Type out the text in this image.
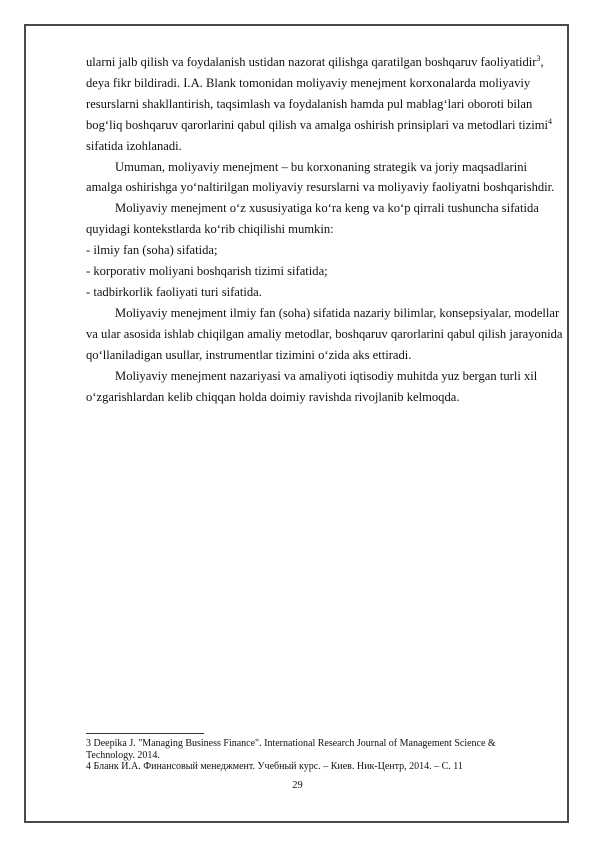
ularni jalb qilish va foydalanish ustidan nazorat qilishga qaratilgan boshqaruv faoliyatidir$^3$, deya fikr bildiradi. I.A. Blank tomonidan moliyaviy menejment korxonalarda moliyaviy resurslarni shakllantirish, taqsimlash va foydalanish hamda pul mablag‘lari oboroti bilan bog‘liq boshqaruv qarorlarini qabul qilish va amalga oshirish prinsiplari va metodlari tizimi$^4$ sifatida izohlanadi.

Umuman, moliyaviy menejment – bu korxonaning strategik va joriy maqsadlarini amalga oshirishga yo‘naltirilgan moliyaviy resurslarni va moliyaviy faoliyatni boshqarishdir.

Moliyaviy menejment o‘z xususiyatiga ko‘ra keng va ko‘p qirrali tushuncha sifatida quyidagi kontekstlarda ko‘rib chiqilishi mumkin:

- ilmiy fan (soha) sifatida;

- korporativ moliyani boshqarish tizimi sifatida;

- tadbirkorlik faoliyati turi sifatida.

Moliyaviy menejment ilmiy fan (soha) sifatida nazariy bilimlar, konsepsiyalar, modellar va ular asosida ishlab chiqilgan amaliy metodlar, boshqaruv qarorlarini qabul qilish jarayonida qo‘llaniladigan usullar, instrumentlar tizimini o‘zida aks ettiradi.

Moliyaviy menejment nazariyasi va amaliyoti iqtisodiy muhitda yuz bergan turli xil o‘zgarishlardan kelib chiqqan holda doimiy ravishda rivojlanib kelmoqda.

3 Deepika J. "Managing Business Finance". International Research Journal of Management Science & Technology. 2014.

4 Бланк И.А. Финансовый менеджмент. Учебный курс. – Киев. Ник-Центр, 2014. – С. 11

29
